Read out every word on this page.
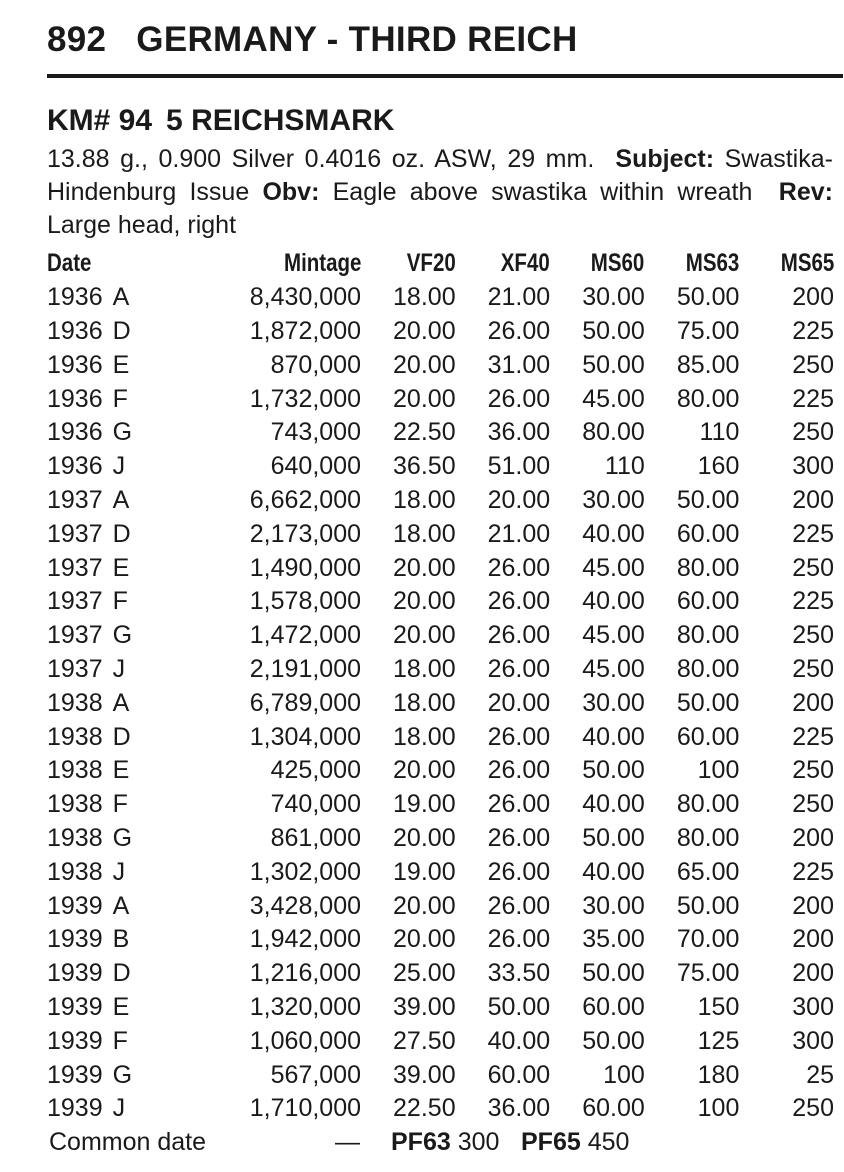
892 GERMANY - THIRD REICH
KM# 94 5 REICHSMARK

13.88 g., 0.900 Silver 0.4016 oz. ASW, 29 mm. Subject: Swastika-Hindenburg Issue Obv: Eagle above swastika within wreath Rev: Large head, right

Date	Mintage	VF20	XF40	MS60	MS63	MS65
1936 A	8,430,000	18.00	21.00	30.00	50.00	200
1936 D	1,872,000	20.00	26.00	50.00	75.00	225
1936 E	870,000	20.00	31.00	50.00	85.00	250
1936 F	1,732,000	20.00	26.00	45.00	80.00	225
1936 G	743,000	22.50	36.00	80.00	110	250
1936 J	640,000	36.50	51.00	110	160	300
1937 A	6,662,000	18.00	20.00	30.00	50.00	200
1937 D	2,173,000	18.00	21.00	40.00	60.00	225
1937 E	1,490,000	20.00	26.00	45.00	80.00	250
1937 F	1,578,000	20.00	26.00	40.00	60.00	225
1937 G	1,472,000	20.00	26.00	45.00	80.00	250
1937 J	2,191,000	18.00	26.00	45.00	80.00	250
1938 A	6,789,000	18.00	20.00	30.00	50.00	200
1938 D	1,304,000	18.00	26.00	40.00	60.00	225
1938 E	425,000	20.00	26.00	50.00	100	250
1938 F	740,000	19.00	26.00	40.00	80.00	250
1938 G	861,000	20.00	26.00	50.00	80.00	200
1938 J	1,302,000	19.00	26.00	40.00	65.00	225
1939 A	3,428,000	20.00	26.00	30.00	50.00	200
1939 B	1,942,000	20.00	26.00	35.00	70.00	200
1939 D	1,216,000	25.00	33.50	50.00	75.00	200
1939 E	1,320,000	39.00	50.00	60.00	150	300
1939 F	1,060,000	27.50	40.00	50.00	125	300
1939 G	567,000	39.00	60.00	100	180	25
1939 J	1,710,000	22.50	36.00	60.00	100	250
Common date	— PF63 300 PF65 450
